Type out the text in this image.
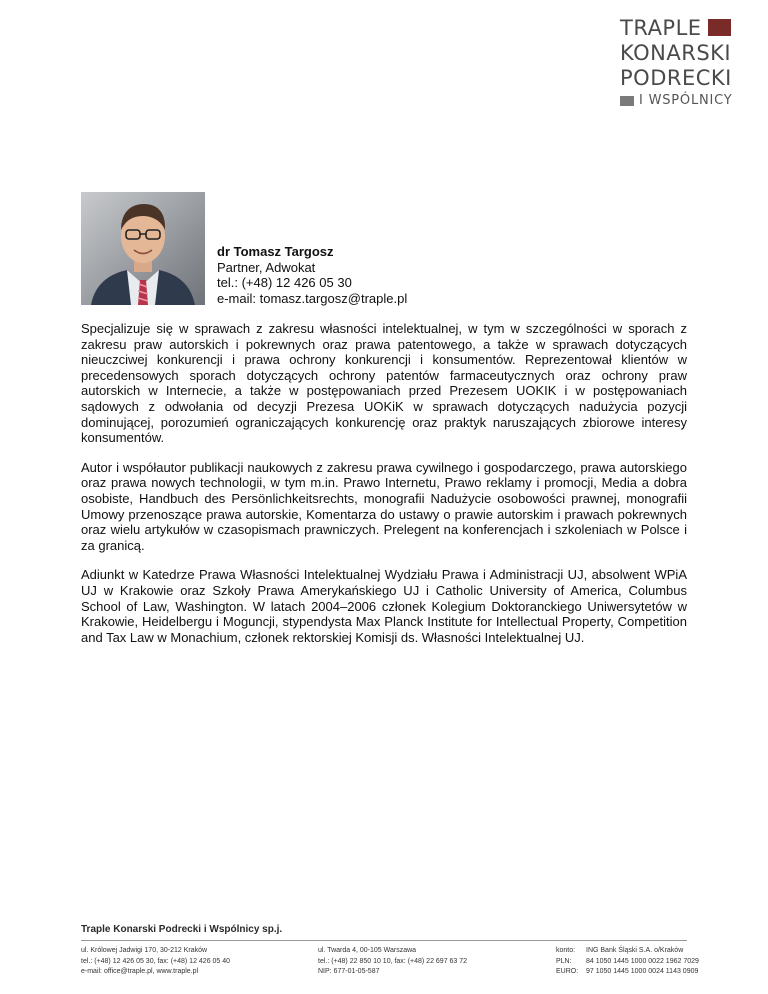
TRAPLE
KONARSKI
PODRECKI
I WSPÓLNICY
dr Tomasz Targosz
Partner, Adwokat
tel.: (+48) 12 426 05 30
e-mail: tomasz.targosz@traple.pl

Specjalizuje się w sprawach z zakresu własności intelektualnej, w tym w szczególności w sporach z zakresu praw autorskich i pokrewnych oraz prawa patentowego, a także w sprawach dotyczących nieuczciwej konkurencji i prawa ochrony konkurencji i konsumentów. Reprezentował klientów w precedensowych sporach dotyczących ochrony patentów farmaceutycznych oraz ochrony praw autorskich w Internecie, a także w postępowaniach przed Prezesem UOKIK i w postępowaniach sądowych z odwołania od decyzji Prezesa UOKiK w sprawach dotyczących nadużycia pozycji dominującej, porozumień ograniczających konkurencję oraz praktyk naruszających zbiorowe interesy konsumentów.

Autor i współautor publikacji naukowych z zakresu prawa cywilnego i gospodarczego, prawa autorskiego oraz prawa nowych technologii, w tym m.in. Prawo Internetu, Prawo reklamy i promocji, Media a dobra osobiste, Handbuch des Persönlichkeitsrechts, monografii Nadużycie osobowości prawnej, monografii Umowy przenoszące prawa autorskie, Komentarza do ustawy o prawie autorskim i prawach pokrewnych oraz wielu artykułów w czasopismach prawniczych. Prelegent na konferencjach i szkoleniach w Polsce i za granicą.

Adiunkt w Katedrze Prawa Własności Intelektualnej Wydziału Prawa i Administracji UJ, absolwent WPiA UJ w Krakowie oraz Szkoły Prawa Amerykańskiego UJ i Catholic University of America, Columbus School of Law, Washington. W latach 2004–2006 członek Kolegium Doktoranckiego Uniwersytetów w Krakowie, Heidelbergu i Moguncji, stypendysta Max Planck Institute for Intellectual Property, Competition and Tax Law w Monachium, członek rektorskiej Komisji ds. Własności Intelektualnej UJ.

Traple Konarski Podrecki i Wspólnicy sp.j.
ul. Królowej Jadwigi 170, 30-212 Kraków
tel.: (+48) 12 426 05 30, fax: (+48) 12 426 05 40
e-mail: office@traple.pl, www.traple.pl
ul. Twarda 4, 00-105 Warszawa
tel.: (+48) 22 850 10 10, fax: (+48) 22 697 63 72
NIP: 677-01-05-587
konto: ING Bank Śląski S.A. o/Kraków
PLN: 84 1050 1445 1000 0022 1962 7029
EURO: 97 1050 1445 1000 0024 1143 0909
